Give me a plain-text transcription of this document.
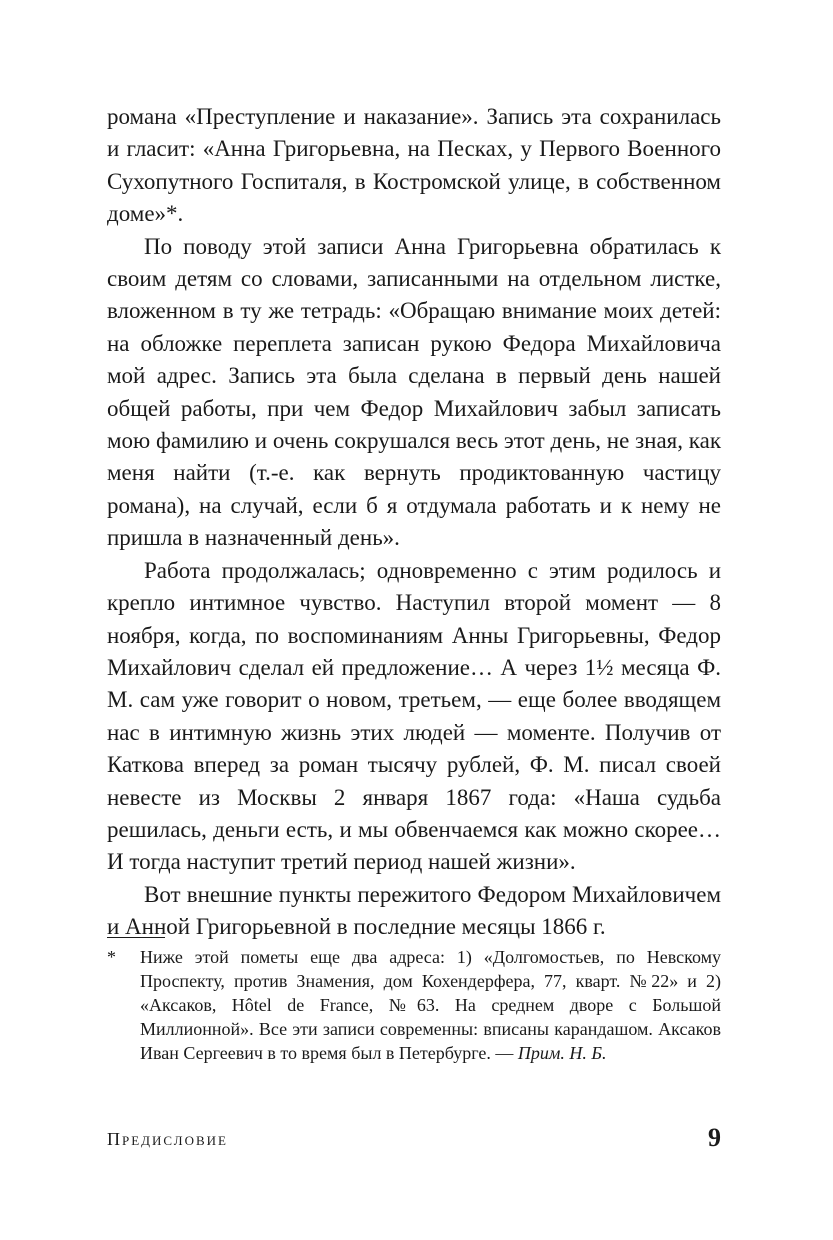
романа «Преступление и наказание». Запись эта сохранилась и гласит: «Анна Григорьевна, на Песках, у Первого Военного Сухопутного Госпиталя, в Костромской улице, в собственном доме»*.

По поводу этой записи Анна Григорьевна обратилась к своим детям со словами, записанными на отдельном листке, вложенном в ту же тетрадь: «Обращаю внимание моих детей: на обложке переплета записан рукою Федора Михайловича мой адрес. Запись эта была сделана в первый день нашей общей работы, при чем Федор Михайлович забыл записать мою фамилию и очень сокрушался весь этот день, не зная, как меня найти (т.-е. как вернуть продиктованную частицу романа), на случай, если б я отдумала работать и к нему не пришла в назначенный день».

Работа продолжалась; одновременно с этим родилось и крепло интимное чувство. Наступил второй момент — 8 ноября, когда, по воспоминаниям Анны Григорьевны, Федор Михайлович сделал ей предложение… А через 1½ месяца Ф. М. сам уже говорит о новом, третьем, — еще более вводящем нас в интимную жизнь этих людей — моменте. Получив от Каткова вперед за роман тысячу рублей, Ф. М. писал своей невесте из Москвы 2 января 1867 года: «Наша судьба решилась, деньги есть, и мы обвенчаемся как можно скорее… И тогда наступит третий период нашей жизни».

Вот внешние пункты пережитого Федором Михайловичем и Анной Григорьевной в последние месяцы 1866 г.

* Ниже этой пометы еще два адреса: 1) «Долгомостьев, по Невскому Проспекту, против Знамения, дом Кохендерфера, 77, кварт. №22» и 2) «Аксаков, Hôtel de France, №63. На среднем дворе с Большой Миллионной». Все эти записи современны: вписаны карандашом. Аксаков Иван Сергеевич в то время был в Петербурге. — Прим. Н. Б.
Предисловие	9
